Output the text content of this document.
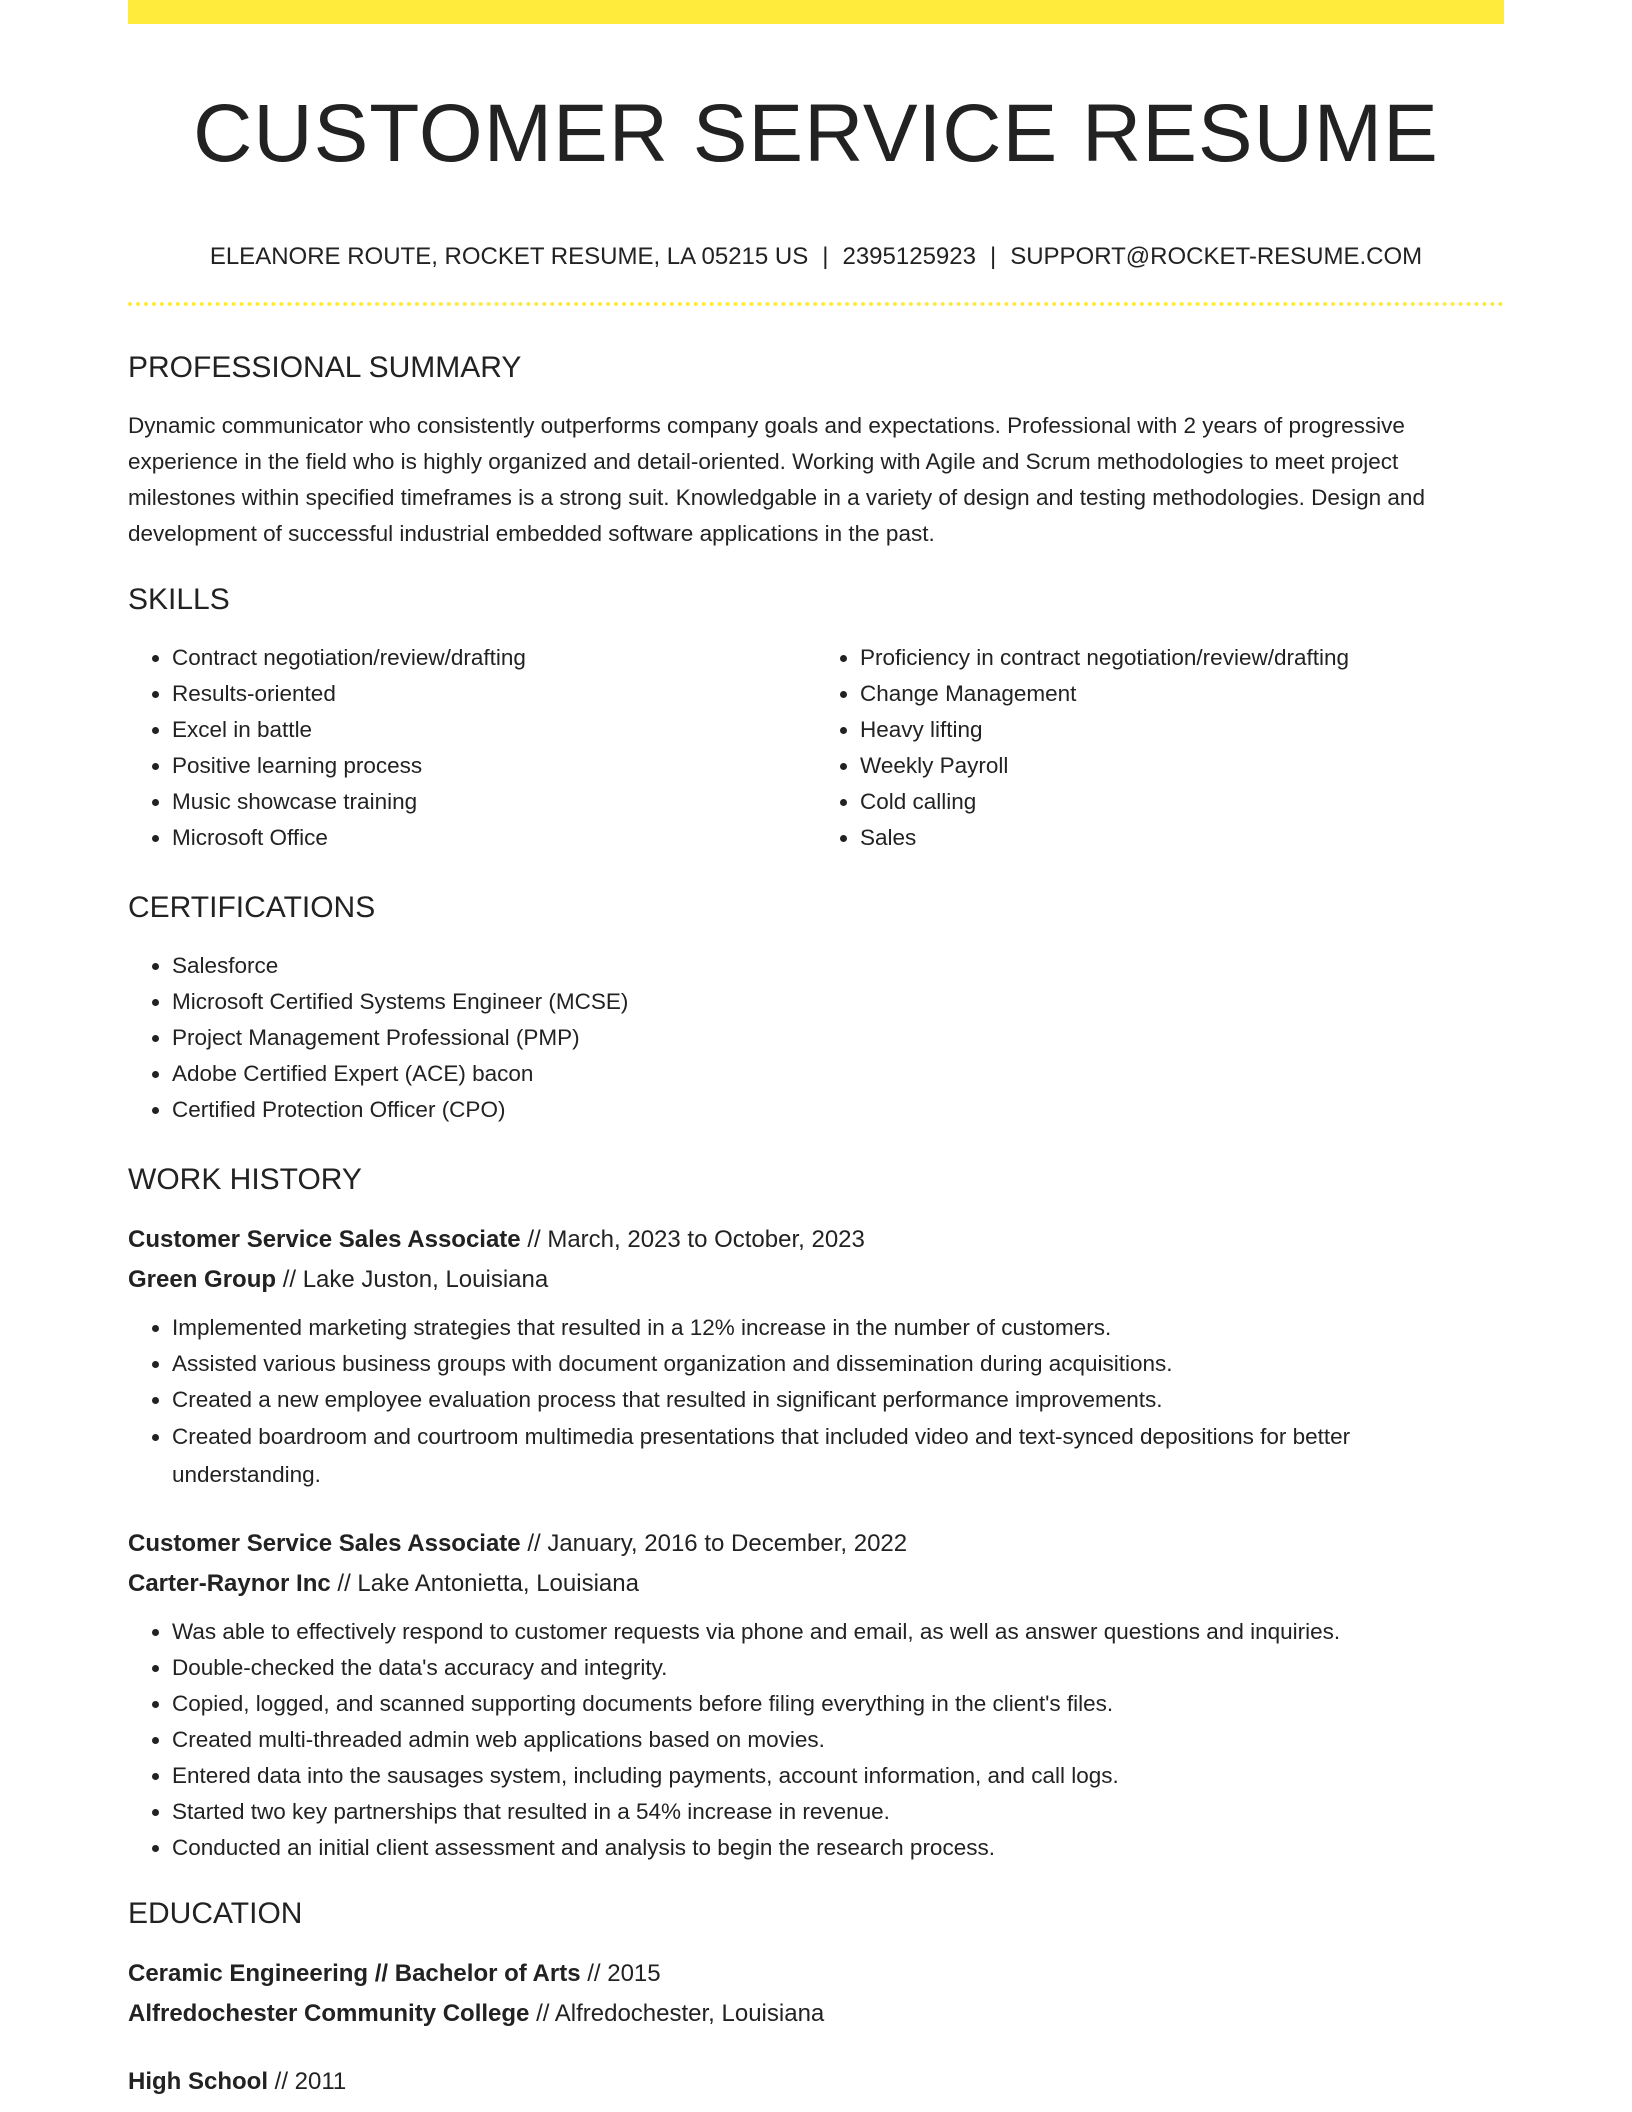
CUSTOMER SERVICE RESUME
ELEANORE ROUTE, ROCKET RESUME, LA 05215 US | 2395125923 | SUPPORT@ROCKET-RESUME.COM
PROFESSIONAL SUMMARY

Dynamic communicator who consistently outperforms company goals and expectations. Professional with 2 years of progressive experience in the field who is highly organized and detail-oriented. Working with Agile and Scrum methodologies to meet project milestones within specified timeframes is a strong suit. Knowledgable in a variety of design and testing methodologies. Design and development of successful industrial embedded software applications in the past.

SKILLS
• Contract negotiation/review/drafting
• Results-oriented
• Excel in battle
• Positive learning process
• Music showcase training
• Microsoft Office
• Proficiency in contract negotiation/review/drafting
• Change Management
• Heavy lifting
• Weekly Payroll
• Cold calling
• Sales
CERTIFICATIONS
• Salesforce
• Microsoft Certified Systems Engineer (MCSE)
• Project Management Professional (PMP)
• Adobe Certified Expert (ACE) bacon
• Certified Protection Officer (CPO)
WORK HISTORY
Customer Service Sales Associate // March, 2023 to October, 2023
Green Group // Lake Juston, Louisiana
• Implemented marketing strategies that resulted in a 12% increase in the number of customers.
• Assisted various business groups with document organization and dissemination during acquisitions.
• Created a new employee evaluation process that resulted in significant performance improvements.
• Created boardroom and courtroom multimedia presentations that included video and text-synced depositions for better understanding.
Customer Service Sales Associate // January, 2016 to December, 2022
Carter-Raynor Inc // Lake Antonietta, Louisiana
• Was able to effectively respond to customer requests via phone and email, as well as answer questions and inquiries.
• Double-checked the data's accuracy and integrity.
• Copied, logged, and scanned supporting documents before filing everything in the client's files.
• Created multi-threaded admin web applications based on movies.
• Entered data into the sausages system, including payments, account information, and call logs.
• Started two key partnerships that resulted in a 54% increase in revenue.
• Conducted an initial client assessment and analysis to begin the research process.
EDUCATION
Ceramic Engineering // Bachelor of Arts // 2015
Alfredochester Community College // Alfredochester, Louisiana
High School // 2011
